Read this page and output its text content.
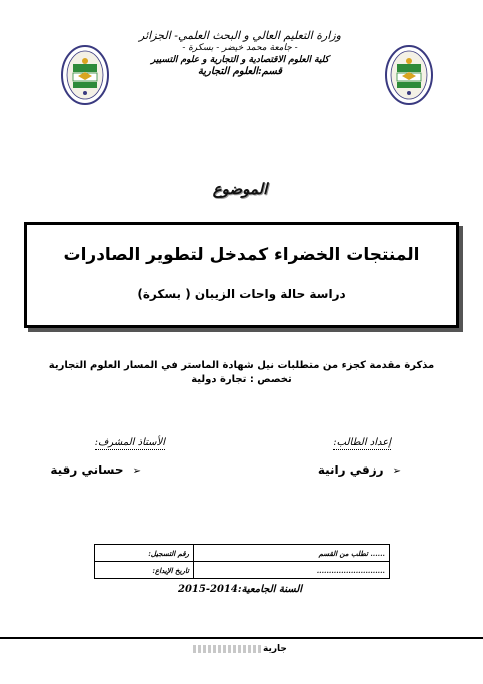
وزارة التعليم العالي و البحث العلمي- الجزائر
- جامعة محمد خيضر - بسكرة -
كلية العلوم الاقتصادية و التجارية و علوم التسيير
قسم:العلوم التجارية
الموضوع
المنتجات الخضراء كمدخل لتطوير الصادرات
دراسة حالة واحات الزيبان ( بسكرة)
مذكرة مقدمة كجزء من متطلبات نيل شهادة الماستر في المسار العلوم التجارية
تخصص : تجارة دولية
إعداد الطالب:
الأستاذ المشرف:
➢ رزقي رانية
➢ حساني رقية
رقم التسجيل:	...... تطلب من القسم
تاريخ الإيداع:	............................
السنة الجامعية:2014-2015
جارية
